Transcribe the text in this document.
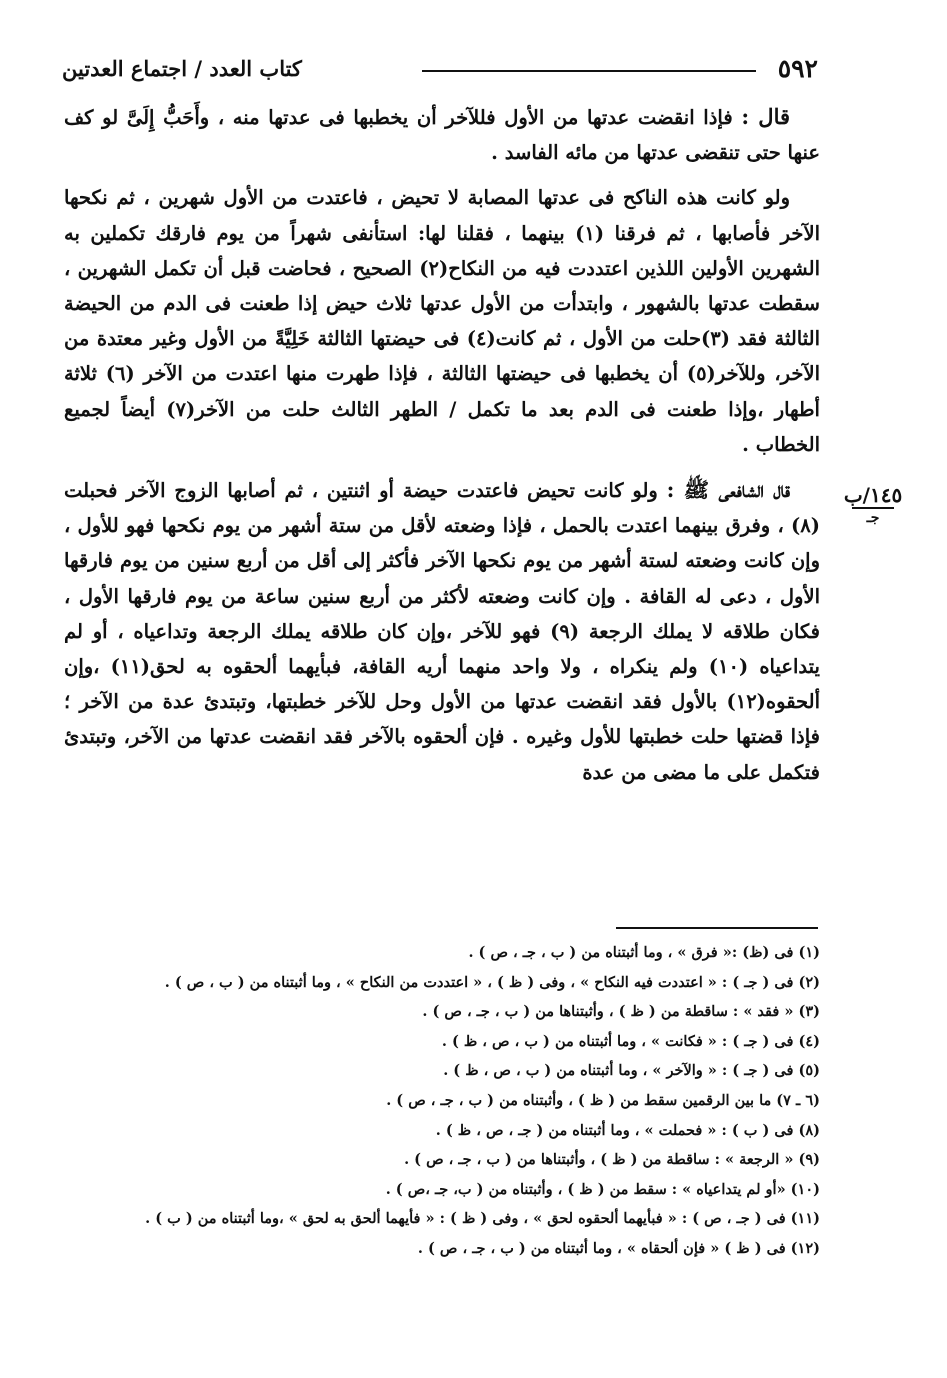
كتاب العدد / اجتماع العدتين	٥٩٢

قال : فإذا انقضت عدتها من الأول فللآخر أن يخطبها فى عدتها منه ، وأَحَبُّ إِلَىَّ لو كف عنها حتى تنقضى عدتها من مائه الفاسد .

ولو كانت هذه الناكح فى عدتها المصابة لا تحيض ، فاعتدت من الأول شهرين ، ثم نكحها الآخر فأصابها ، ثم فرقنا (١) بينهما ، فقلنا لها: استأنفى شهراً من يوم فارقك تكملين به الشهرين الأولين اللذين اعتددت فيه من النكاح(٢) الصحيح ، فحاضت قبل أن تكمل الشهرين ، سقطت عدتها بالشهور ، وابتدأت من الأول عدتها ثلاث حيض إذا طعنت فى الدم من الحيضة الثالثة فقد (٣)حلت من الأول ، ثم كانت(٤) فى حيضتها الثالثة خَلِيَّةً من الأول وغير معتدة من الآخر، وللآخر(٥) أن يخطبها فى حيضتها الثالثة ، فإذا طهرت منها اعتدت من الآخر (٦) ثلاثة أطهار ،وإذا طعنت فى الدم بعد ما تكمل / الطهر الثالث حلت من الآخر(٧) أيضاً لجميع الخطاب .

قال الشافعى ﷺ : ولو كانت تحيض فاعتدت حيضة أو اثنتين ، ثم أصابها الزوج الآخر فحبلت (٨) ، وفرق بينهما اعتدت بالحمل ، فإذا وضعته لأقل من ستة أشهر من يوم نكحها فهو للأول ، وإن كانت وضعته لستة أشهر من يوم نكحها الآخر فأكثر إلى أقل من أربع سنين من يوم فارقها الأول ، دعى له القافة . وإن كانت وضعته لأكثر من أربع سنين ساعة من يوم فارقها الأول ، فكان طلاقه لا يملك الرجعة (٩) فهو للآخر ،وإن كان طلاقه يملك الرجعة وتداعياه ، أو لم يتداعياه (١٠) ولم ينكراه ، ولا واحد منهما أريه القافة، فبأيهما ألحقوه به لحق(١١) ،وإن ألحقوه(١٢) بالأول فقد انقضت عدتها من الأول وحل للآخر خطبتها، وتبتدئ عدة من الآخر ؛ فإذا قضتها حلت خطبتها للأول وغيره . فإن ألحقوه بالآخر فقد انقضت عدتها من الآخر، وتبتدئ فتكمل على ما مضى من عدة

١٤٥/ب
جـ
(١) فى (ظ) :« فرق » ، وما أثبتناه من ( ب ، جـ ، ص ) .
(٢) فى ( جـ ) : « اعتددت فيه النكاح » ، وفى ( ظ ) ، « اعتددت من النكاح » ، وما أثبتناه من ( ب ، ص ) .
(٣) « فقد » : ساقطة من ( ظ ) ، وأثبتناها من ( ب ، جـ ، ص ) .
(٤) فى ( جـ ) : « فكانت » ، وما أثبتناه من ( ب ، ص ، ظ ) .
(٥) فى ( جـ ) : « والآخر » ، وما أثبتناه من ( ب ، ص ، ظ ) .
(٦ ـ ٧) ما بين الرقمين سقط من ( ظ ) ، وأثبتناه من ( ب ، جـ ، ص ) .
(٨) فى ( ب ) : « فحملت » ، وما أثبتناه من ( جـ ، ص ، ظ ) .
(٩) « الرجعة » : ساقطة من ( ظ ) ، وأثبتناها من ( ب ، جـ ، ص ) .
(١٠) «أو لم يتداعياه » : سقط من ( ظ ) ، وأثبتناه من ( ب، جـ ،ص ) .
(١١) فى ( جـ ، ص ) : « فبأيهما ألحقوه لحق » ، وفى ( ظ ) : « فأيهما ألحق به لحق » ،وما أثبتناه من ( ب ) .
(١٢) فى ( ظ ) « فإن ألحقاه » ، وما أثبتناه من ( ب ، جـ ، ص ) .
